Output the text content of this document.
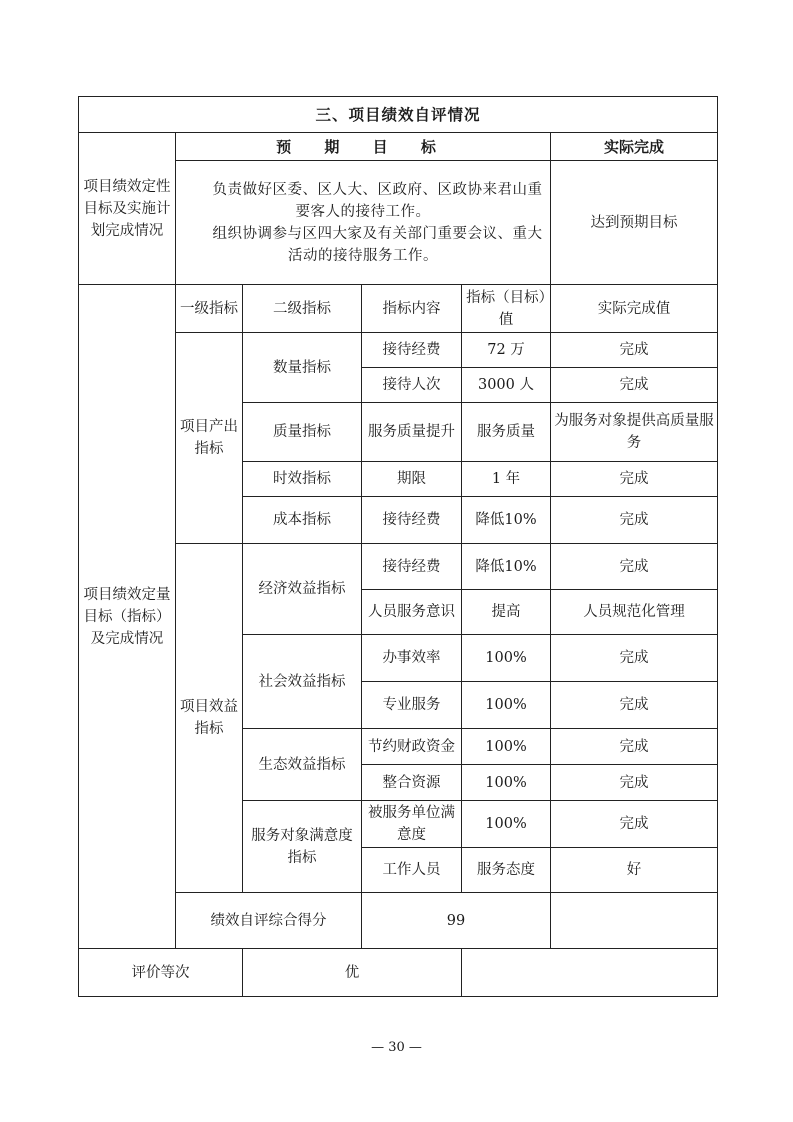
三、项目绩效自评情况					
项目绩效定性目标及实施计划完成情况	预 期 目 标				实际完成

	负责做好区委、区人大、区政府、区政协来君山重要客人的接待工作。

组织协调参与区四大家及有关部门重要会议、重大活动的接待服务工作。				达到预期目标
项目绩效定量目标（指标）及完成情况	一级指标	二级指标	指标内容	指标（目标）值	实际完成值
	项目产出指标	数量指标	接待经费	72 万	完成
			接待人次	3000 人	完成
		质量指标	服务质量提升	服务质量	为服务对象提供高质量服务
		时效指标	期限	1 年	完成
		成本指标	接待经费	降低10%	完成
	项目效益指标	经济效益指标	接待经费	降低10%	完成
			人员服务意识	提高	人员规范化管理
		社会效益指标	办事效率	100%	完成
			专业服务	100%	完成
		生态效益指标	节约财政资金	100%	完成
			整合资源	100%	完成
		服务对象满意度指标	被服务单位满意度	100%	完成
			工作人员	服务态度	好
	绩效自评综合得分		99		
评价等次		优			
— 30 —
